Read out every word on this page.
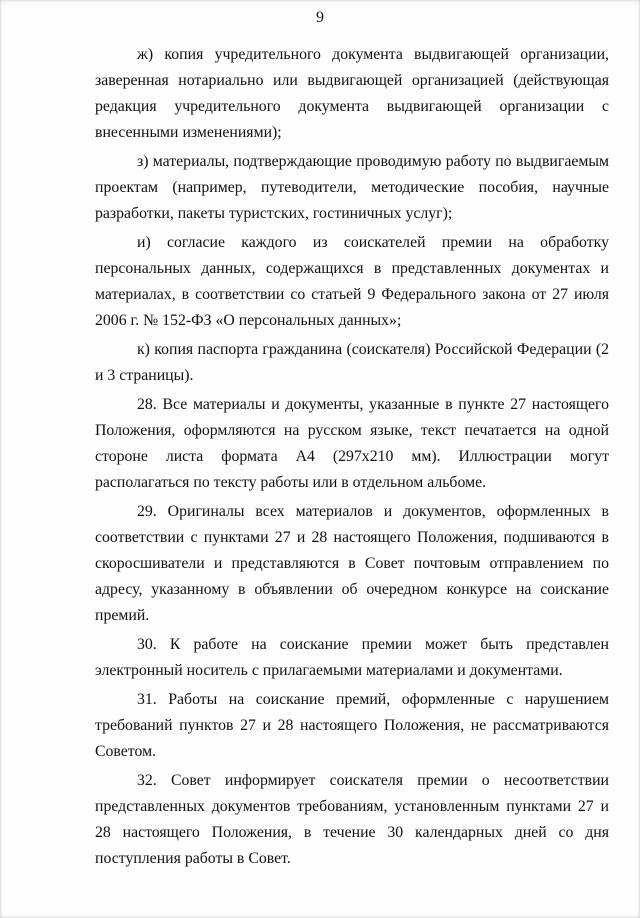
9

ж) копия учредительного документа выдвигающей организации, заверенная нотариально или выдвигающей организацией (действующая редакция учредительного документа выдвигающей организации с внесенными изменениями);

з) материалы, подтверждающие проводимую работу по выдвигаемым проектам (например, путеводители, методические пособия, научные разработки, пакеты туристских, гостиничных услуг);

и) согласие каждого из соискателей премии на обработку персональных данных, содержащихся в представленных документах и материалах, в соответствии со статьей 9 Федерального закона от 27 июля 2006 г. № 152-ФЗ «О персональных данных»;

к) копия паспорта гражданина (соискателя) Российской Федерации (2 и 3 страницы).

28. Все материалы и документы, указанные в пункте 27 настоящего Положения, оформляются на русском языке, текст печатается на одной стороне листа формата А4 (297x210 мм). Иллюстрации могут располагаться по тексту работы или в отдельном альбоме.

29. Оригиналы всех материалов и документов, оформленных в соответствии с пунктами 27 и 28 настоящего Положения, подшиваются в скоросшиватели и представляются в Совет почтовым отправлением по адресу, указанному в объявлении об очередном конкурсе на соискание премий.

30. К работе на соискание премии может быть представлен электронный носитель с прилагаемыми материалами и документами.

31. Работы на соискание премий, оформленные с нарушением требований пунктов 27 и 28 настоящего Положения, не рассматриваются Советом.

32. Совет информирует соискателя премии о несоответствии представленных документов требованиям, установленным пунктами 27 и 28 настоящего Положения, в течение 30 календарных дней со дня поступления работы в Совет.
